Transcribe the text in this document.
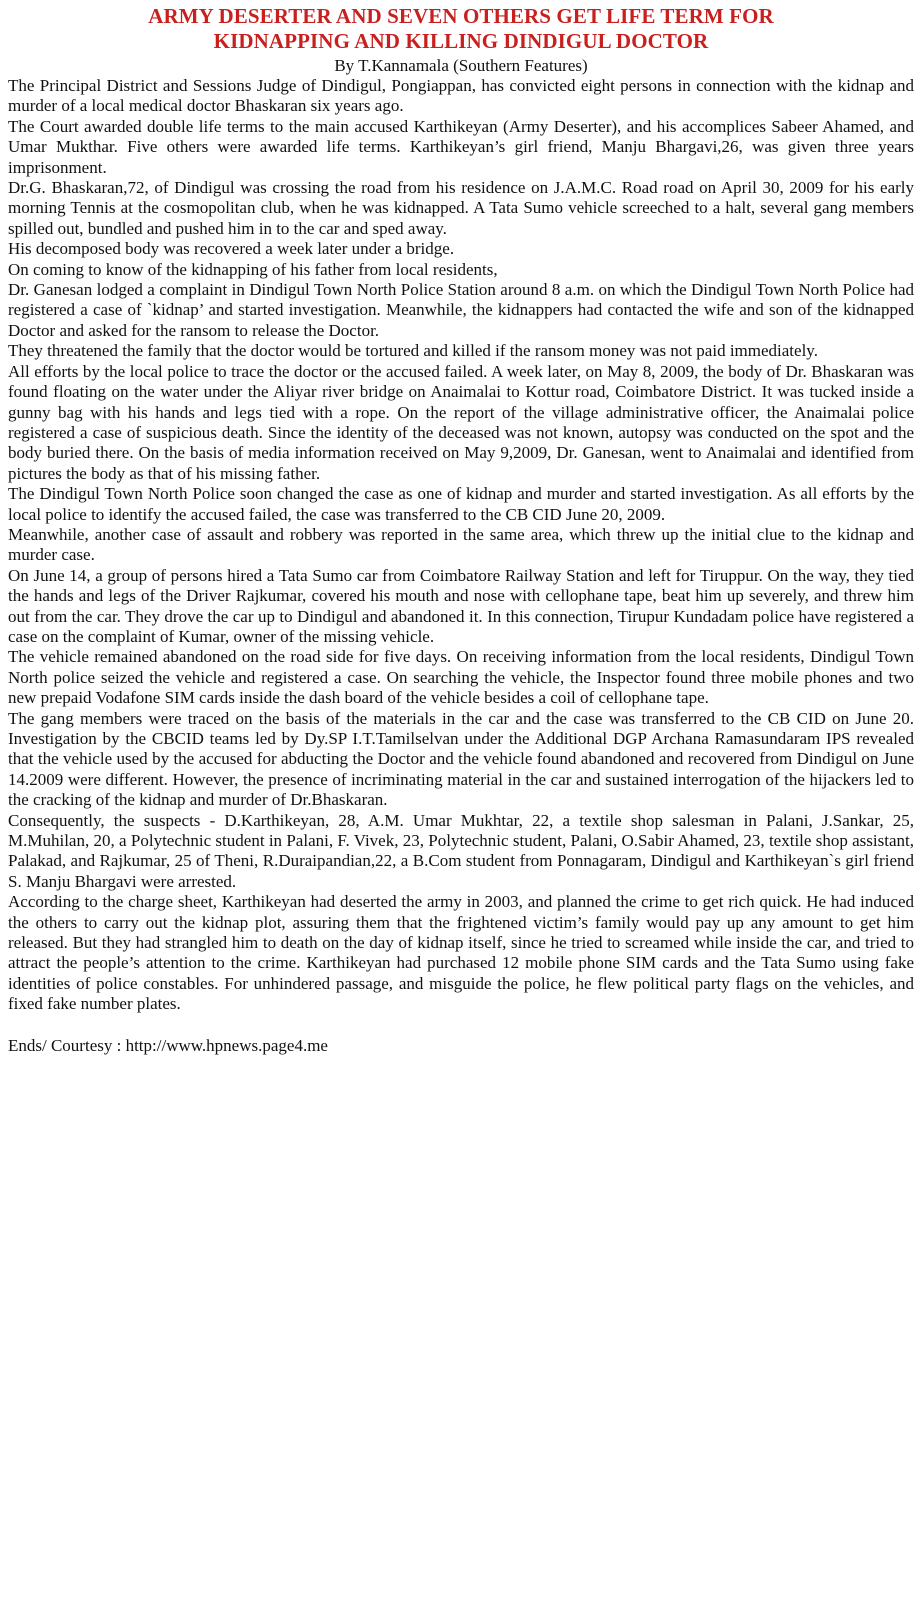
ARMY DESERTER AND SEVEN OTHERS GET LIFE TERM FOR
KIDNAPPING AND KILLING DINDIGUL DOCTOR
By T.Kannamala (Southern Features)

The Principal District and Sessions Judge of Dindigul, Pongiappan, has convicted eight persons in connection with the kidnap and murder of a local medical doctor Bhaskaran six years ago.

The Court awarded double life terms to the main accused Karthikeyan (Army Deserter), and his accomplices Sabeer Ahamed, and Umar Mukthar. Five others were awarded life terms. Karthikeyan’s girl friend, Manju Bhargavi,26, was given three years imprisonment.

Dr.G. Bhaskaran,72, of Dindigul was crossing the road from his residence on J.A.M.C. Road road on April 30, 2009 for his early morning Tennis at the cosmopolitan club, when he was kidnapped. A Tata Sumo vehicle screeched to a halt, several gang members spilled out, bundled and pushed him in to the car and sped away.

His decomposed body was recovered a week later under a bridge.

On coming to know of the kidnapping of his father from local residents,

Dr. Ganesan lodged a complaint in Dindigul Town North Police Station around 8 a.m. on which the Dindigul Town North Police had registered a case of `kidnap’ and started investigation. Meanwhile, the kidnappers had contacted the wife and son of the kidnapped Doctor and asked for the ransom to release the Doctor.

They threatened the family that the doctor would be tortured and killed if the ransom money was not paid immediately.

All efforts by the local police to trace the doctor or the accused failed. A week later, on May 8, 2009, the body of Dr. Bhaskaran was found floating on the water under the Aliyar river bridge on Anaimalai to Kottur road, Coimbatore District. It was tucked inside a gunny bag with his hands and legs tied with a rope. On the report of the village administrative officer, the Anaimalai police registered a case of suspicious death. Since the identity of the deceased was not known, autopsy was conducted on the spot and the body buried there. On the basis of media information received on May 9,2009, Dr. Ganesan, went to Anaimalai and identified from pictures the body as that of his missing father.

The Dindigul Town North Police soon changed the case as one of kidnap and murder and started investigation. As all efforts by the local police to identify the accused failed, the case was transferred to the CB CID June 20, 2009.

Meanwhile, another case of assault and robbery was reported in the same area, which threw up the initial clue to the kidnap and murder case.

On June 14, a group of persons hired a Tata Sumo car from Coimbatore Railway Station and left for Tiruppur. On the way, they tied the hands and legs of the Driver Rajkumar, covered his mouth and nose with cellophane tape, beat him up severely, and threw him out from the car. They drove the car up to Dindigul and abandoned it. In this connection, Tirupur Kundadam police have registered a case on the complaint of Kumar, owner of the missing vehicle.

The vehicle remained abandoned on the road side for five days. On receiving information from the local residents, Dindigul Town North police seized the vehicle and registered a case. On searching the vehicle, the Inspector found three mobile phones and two new prepaid Vodafone SIM cards inside the dash board of the vehicle besides a coil of cellophane tape.

The gang members were traced on the basis of the materials in the car and the case was transferred to the CB CID on June 20. Investigation by the CBCID teams led by Dy.SP I.T.Tamilselvan under the Additional DGP Archana Ramasundaram IPS revealed that the vehicle used by the accused for abducting the Doctor and the vehicle found abandoned and recovered from Dindigul on June 14.2009 were different. However, the presence of incriminating material in the car and sustained interrogation of the hijackers led to the cracking of the kidnap and murder of Dr.Bhaskaran.

Consequently, the suspects - D.Karthikeyan, 28, A.M. Umar Mukhtar, 22, a textile shop salesman in Palani, J.Sankar, 25, M.Muhilan, 20, a Polytechnic student in Palani, F. Vivek, 23, Polytechnic student, Palani, O.Sabir Ahamed, 23, textile shop assistant, Palakad, and Rajkumar, 25 of Theni, R.Duraipandian,22, a B.Com student from Ponnagaram, Dindigul and Karthikeyan`s girl friend S. Manju Bhargavi were arrested.

According to the charge sheet, Karthikeyan had deserted the army in 2003, and planned the crime to get rich quick. He had induced the others to carry out the kidnap plot, assuring them that the frightened victim’s family would pay up any amount to get him released. But they had strangled him to death on the day of kidnap itself, since he tried to screamed while inside the car, and tried to attract the people’s attention to the crime. Karthikeyan had purchased 12 mobile phone SIM cards and the Tata Sumo using fake identities of police constables. For unhindered passage, and misguide the police, he flew political party flags on the vehicles, and fixed fake number plates.

Ends/ Courtesy : http://www.hpnews.page4.me
